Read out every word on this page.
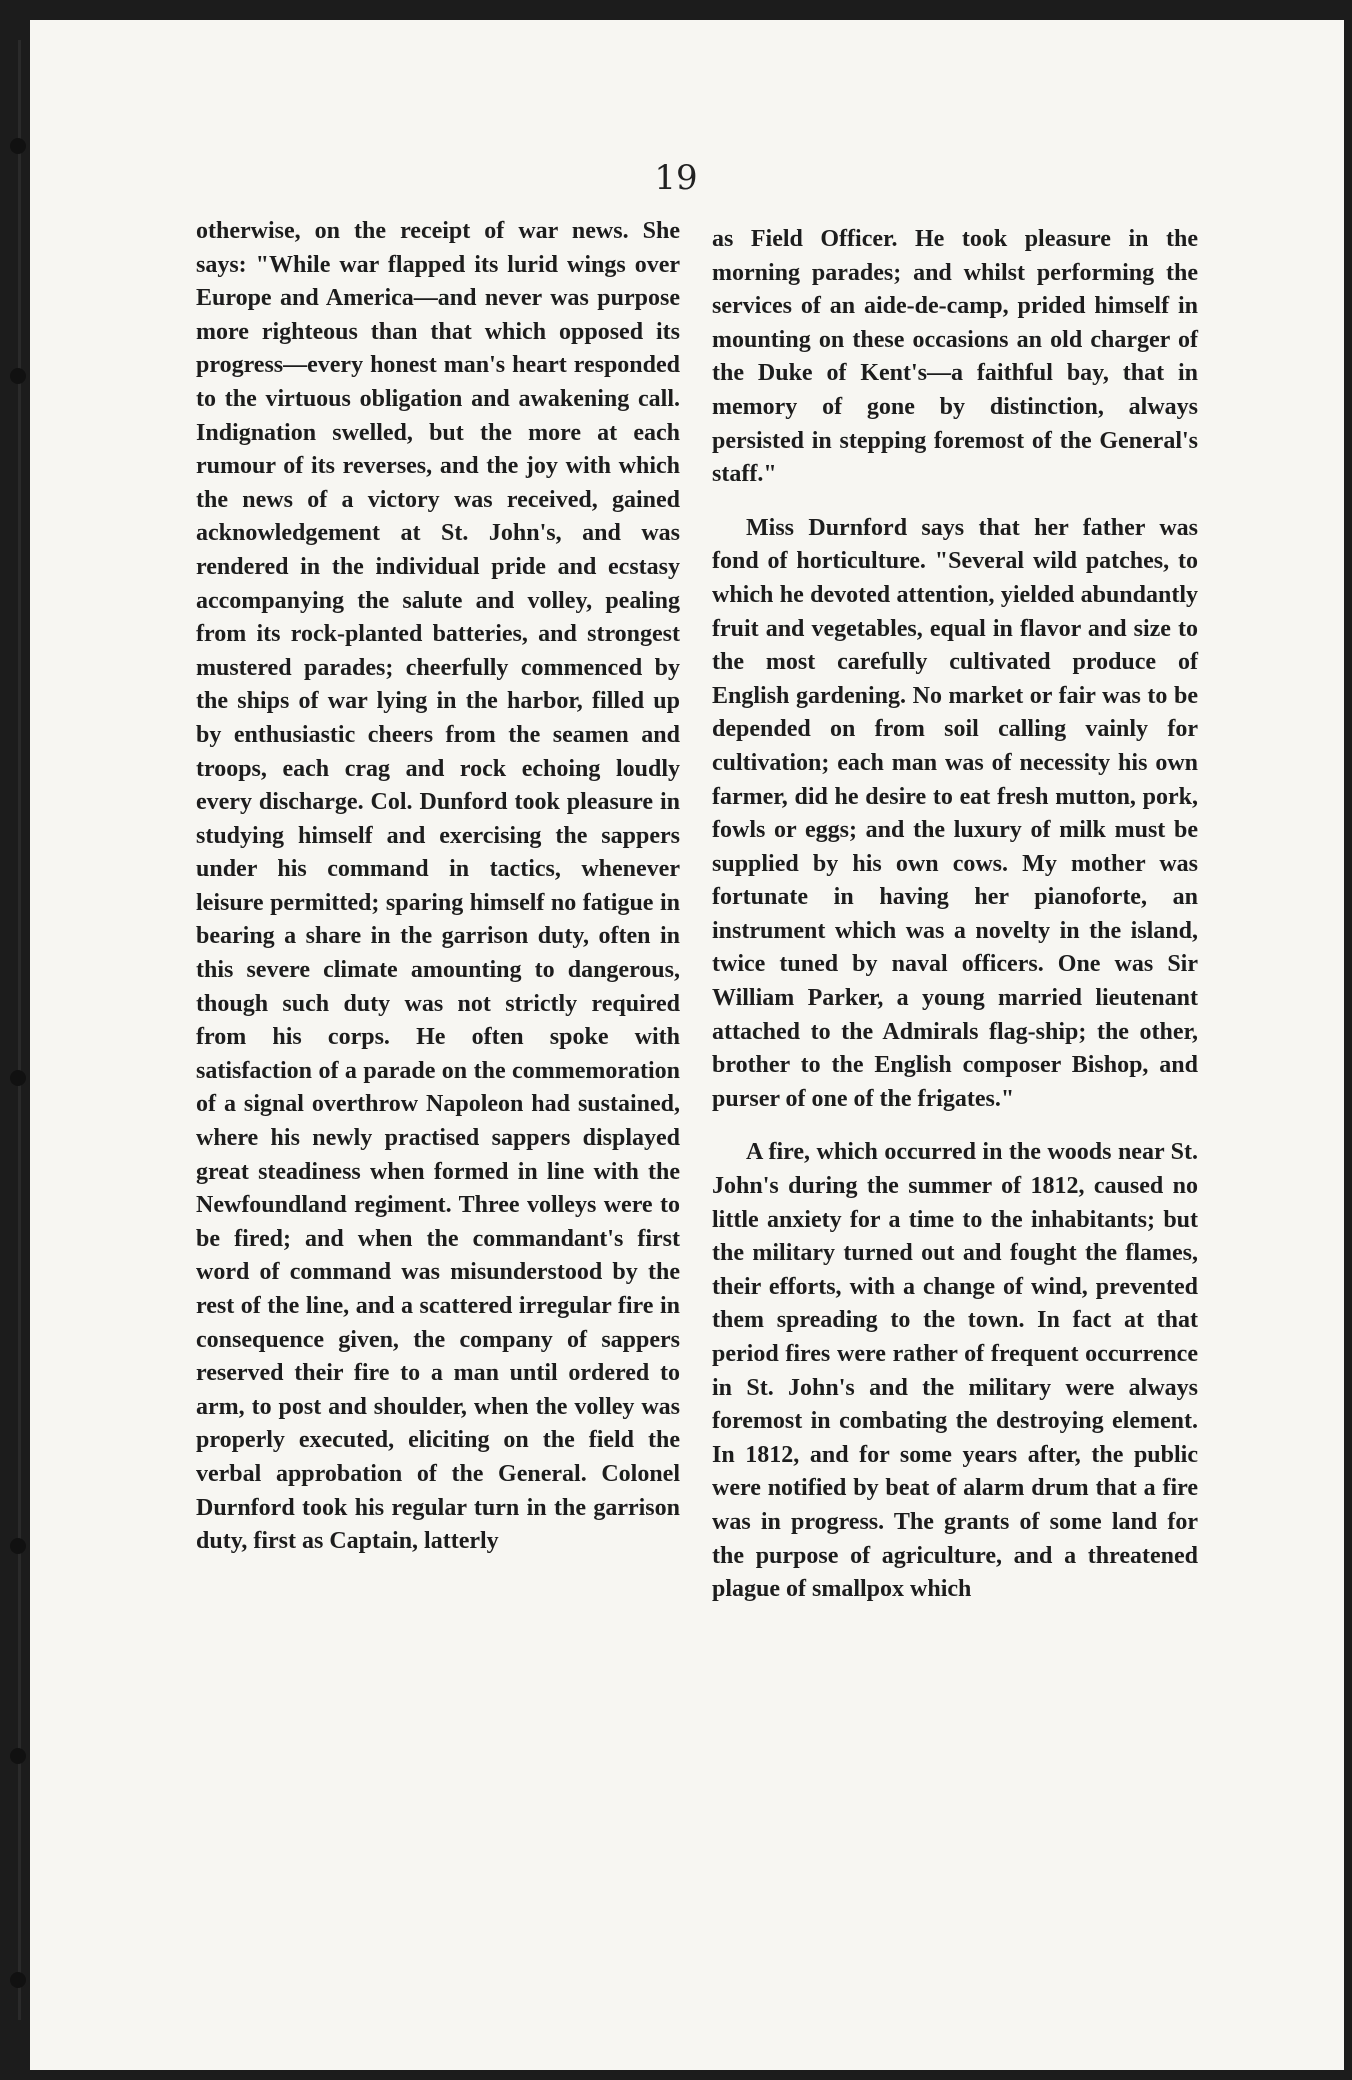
19

otherwise, on the receipt of war news. She says: "While war flapped its lurid wings over Europe and America—and never was purpose more righteous than that which opposed its progress—every honest man's heart responded to the virtuous obligation and awakening call. Indignation swelled, but the more at each rumour of its reverses, and the joy with which the news of a victory was received, gained acknowledgement at St. John's, and was rendered in the individual pride and ecstasy accompanying the salute and volley, pealing from its rock-planted batteries, and strongest mustered parades; cheerfully commenced by the ships of war lying in the harbor, filled up by enthusiastic cheers from the seamen and troops, each crag and rock echoing loudly every discharge. Col. Dunford took pleasure in studying himself and exercising the sappers under his command in tactics, whenever leisure permitted; sparing himself no fatigue in bearing a share in the garrison duty, often in this severe climate amounting to dangerous, though such duty was not strictly required from his corps. He often spoke with satisfaction of a parade on the commemoration of a signal overthrow Napoleon had sustained, where his newly practised sappers displayed great steadiness when formed in line with the Newfoundland regiment. Three volleys were to be fired; and when the commandant's first word of command was misunderstood by the rest of the line, and a scattered irregular fire in consequence given, the company of sappers reserved their fire to a man until ordered to arm, to post and shoulder, when the volley was properly executed, eliciting on the field the verbal approbation of the General. Colonel Durnford took his regular turn in the garrison duty, first as Captain, latterly

as Field Officer. He took pleasure in the morning parades; and whilst performing the services of an aide-de-camp, prided himself in mounting on these occasions an old charger of the Duke of Kent's—a faithful bay, that in memory of gone by distinction, always persisted in stepping foremost of the General's staff."

Miss Durnford says that her father was fond of horticulture. "Several wild patches, to which he devoted attention, yielded abundantly fruit and vegetables, equal in flavor and size to the most carefully cultivated produce of English gardening. No market or fair was to be depended on from soil calling vainly for cultivation; each man was of necessity his own farmer, did he desire to eat fresh mutton, pork, fowls or eggs; and the luxury of milk must be supplied by his own cows. My mother was fortunate in having her pianoforte, an instrument which was a novelty in the island, twice tuned by naval officers. One was Sir William Parker, a young married lieutenant attached to the Admirals flag-ship; the other, brother to the English composer Bishop, and purser of one of the frigates."

A fire, which occurred in the woods near St. John's during the summer of 1812, caused no little anxiety for a time to the inhabitants; but the military turned out and fought the flames, their efforts, with a change of wind, prevented them spreading to the town. In fact at that period fires were rather of frequent occurrence in St. John's and the military were always foremost in combating the destroying element. In 1812, and for some years after, the public were notified by beat of alarm drum that a fire was in progress. The grants of some land for the purpose of agriculture, and a threatened plague of smallpox which
